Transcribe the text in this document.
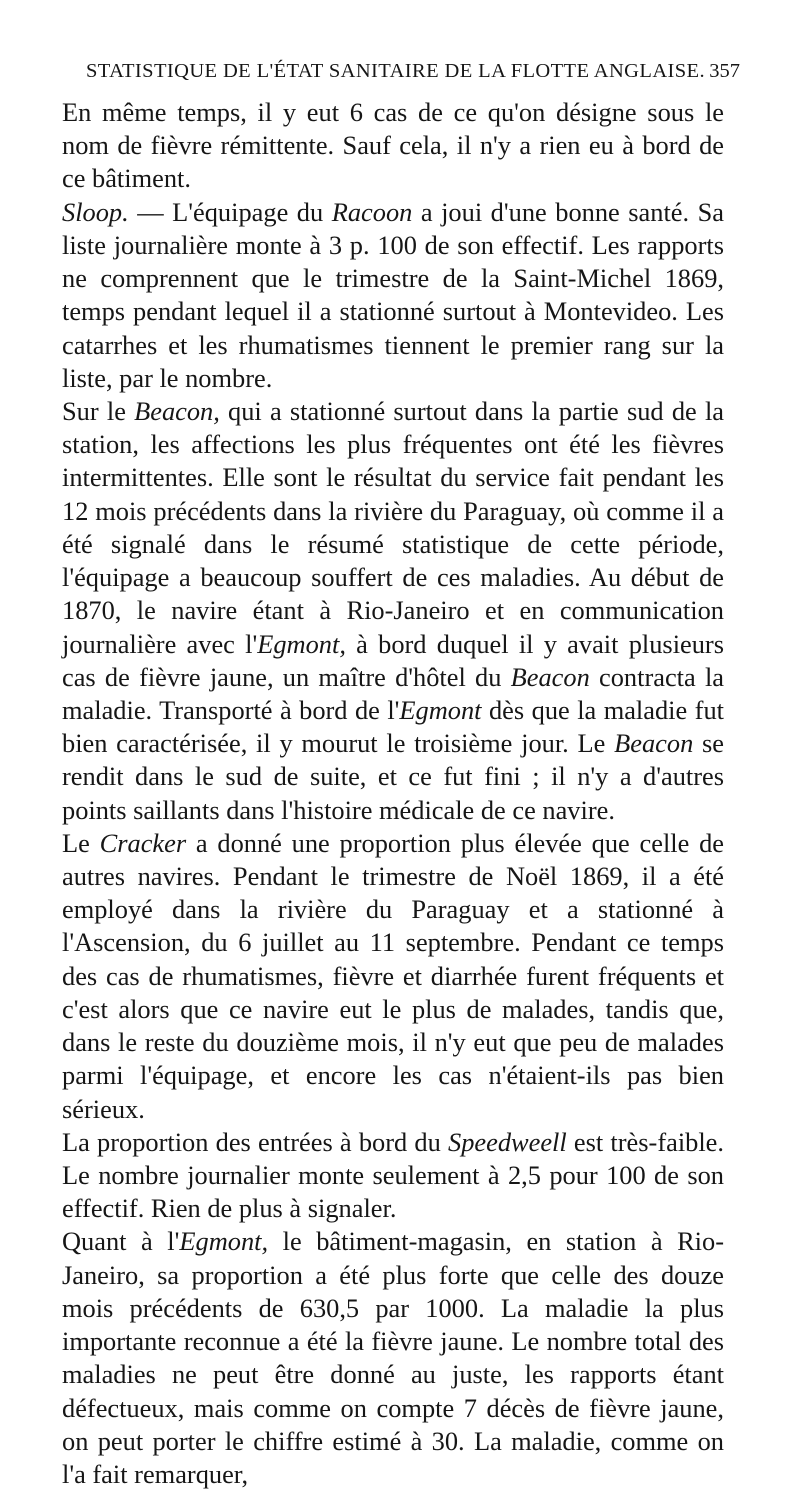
STATISTIQUE DE L'ÉTAT SANITAIRE DE LA FLOTTE ANGLAISE. 357

En même temps, il y eut 6 cas de ce qu'on désigne sous le nom de fièvre rémittente. Sauf cela, il n'y a rien eu à bord de ce bâtiment.

Sloop. — L'équipage du Racoon a joui d'une bonne santé. Sa liste journalière monte à 3 p. 100 de son effectif. Les rapports ne comprennent que le trimestre de la Saint-Michel 1869, temps pendant lequel il a stationné surtout à Montevideo. Les catarrhes et les rhumatismes tiennent le premier rang sur la liste, par le nombre.

Sur le Beacon, qui a stationné surtout dans la partie sud de la station, les affections les plus fréquentes ont été les fièvres intermittentes. Elle sont le résultat du service fait pendant les 12 mois précédents dans la rivière du Paraguay, où comme il a été signalé dans le résumé statistique de cette période, l'équipage a beaucoup souffert de ces maladies. Au début de 1870, le navire étant à Rio-Janeiro et en communication journalière avec l'Egmont, à bord duquel il y avait plusieurs cas de fièvre jaune, un maître d'hôtel du Beacon contracta la maladie. Transporté à bord de l'Egmont dès que la maladie fut bien caractérisée, il y mourut le troisième jour. Le Beacon se rendit dans le sud de suite, et ce fut fini ; il n'y a d'autres points saillants dans l'histoire médicale de ce navire.

Le Cracker a donné une proportion plus élevée que celle de autres navires. Pendant le trimestre de Noël 1869, il a été employé dans la rivière du Paraguay et a stationné à l'Ascension, du 6 juillet au 11 septembre. Pendant ce temps des cas de rhumatismes, fièvre et diarrhée furent fréquents et c'est alors que ce navire eut le plus de malades, tandis que, dans le reste du douzième mois, il n'y eut que peu de malades parmi l'équipage, et encore les cas n'étaient-ils pas bien sérieux.

La proportion des entrées à bord du Speedweell est très-faible. Le nombre journalier monte seulement à 2,5 pour 100 de son effectif. Rien de plus à signaler.

Quant à l'Egmont, le bâtiment-magasin, en station à Rio-Janeiro, sa proportion a été plus forte que celle des douze mois précédents de 630,5 par 1000. La maladie la plus importante reconnue a été la fièvre jaune. Le nombre total des maladies ne peut être donné au juste, les rapports étant défectueux, mais comme on compte 7 décès de fièvre jaune, on peut porter le chiffre estimé à 30. La maladie, comme on l'a fait remarquer,
